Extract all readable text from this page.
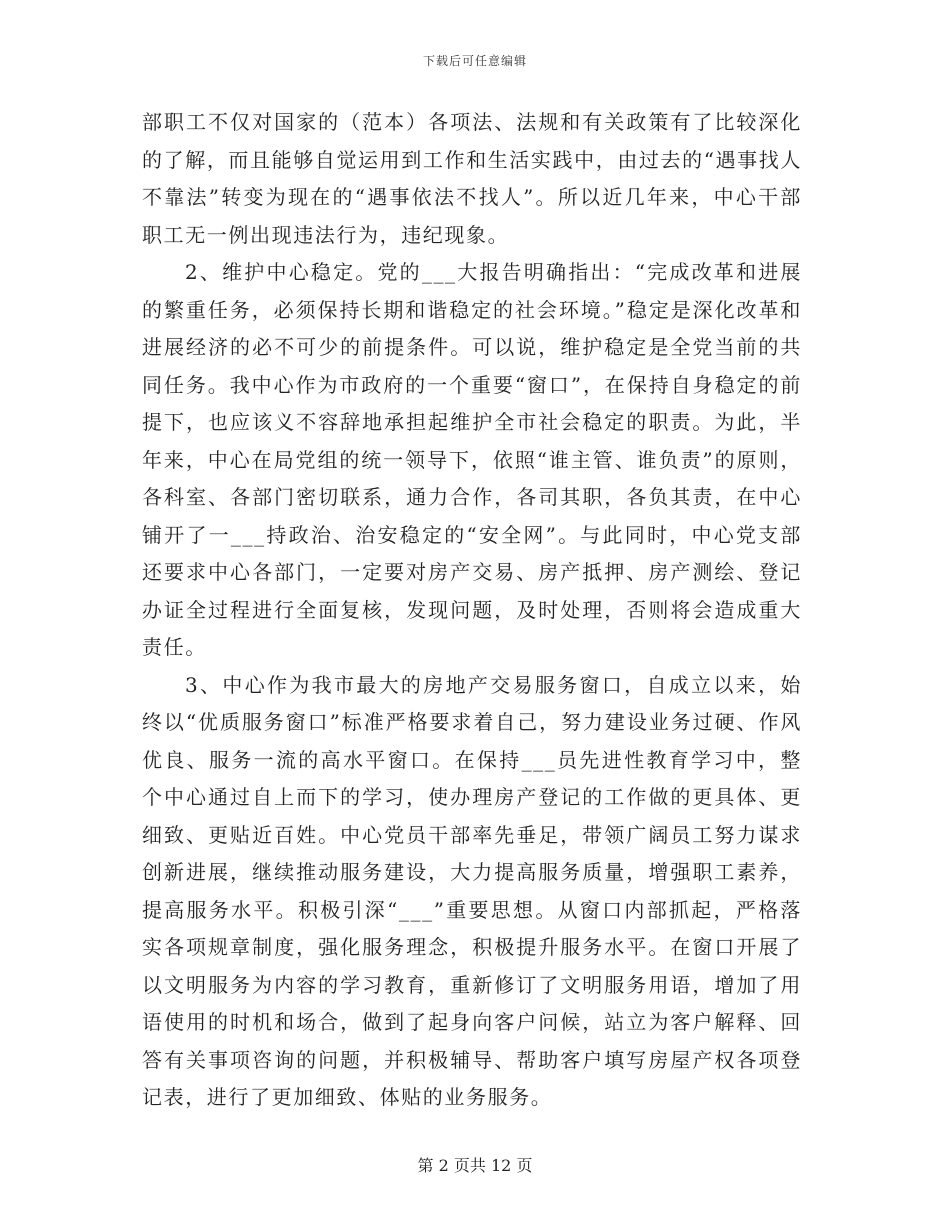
下载后可任意编辑

部职工不仅对国家的（范本）各项法、法规和有关政策有了比较深化的了解，而且能够自觉运用到工作和生活实践中，由过去的“遇事找人不靠法”转变为现在的“遇事依法不找人”。所以近几年来，中心干部职工无一例出现违法行为，违纪现象。

2、维护中心稳定。党的___大报告明确指出：“完成改革和进展的繁重任务，必须保持长期和谐稳定的社会环境。”稳定是深化改革和进展经济的必不可少的前提条件。可以说，维护稳定是全党当前的共同任务。我中心作为市政府的一个重要“窗口”，在保持自身稳定的前提下，也应该义不容辞地承担起维护全市社会稳定的职责。为此，半年来，中心在局党组的统一领导下，依照“谁主管、谁负责”的原则，各科室、各部门密切联系，通力合作，各司其职，各负其责，在中心铺开了一___持政治、治安稳定的“安全网”。与此同时，中心党支部还要求中心各部门，一定要对房产交易、房产抵押、房产测绘、登记办证全过程进行全面复核，发现问题，及时处理，否则将会造成重大责任。

3、中心作为我市最大的房地产交易服务窗口，自成立以来，始终以“优质服务窗口”标准严格要求着自己，努力建设业务过硬、作风优良、服务一流的高水平窗口。在保持___员先进性教育学习中，整个中心通过自上而下的学习，使办理房产登记的工作做的更具体、更细致、更贴近百姓。中心党员干部率先垂足，带领广阔员工努力谋求创新进展，继续推动服务建设，大力提高服务质量，增强职工素养，提高服务水平。积极引深“___”重要思想。从窗口内部抓起，严格落实各项规章制度，强化服务理念，积极提升服务水平。在窗口开展了以文明服务为内容的学习教育，重新修订了文明服务用语，增加了用语使用的时机和场合，做到了起身向客户问候，站立为客户解释、回答有关事项咨询的问题，并积极辅导、帮助客户填写房屋产权各项登记表，进行了更加细致、体贴的业务服务。

第 2 页共 12 页
